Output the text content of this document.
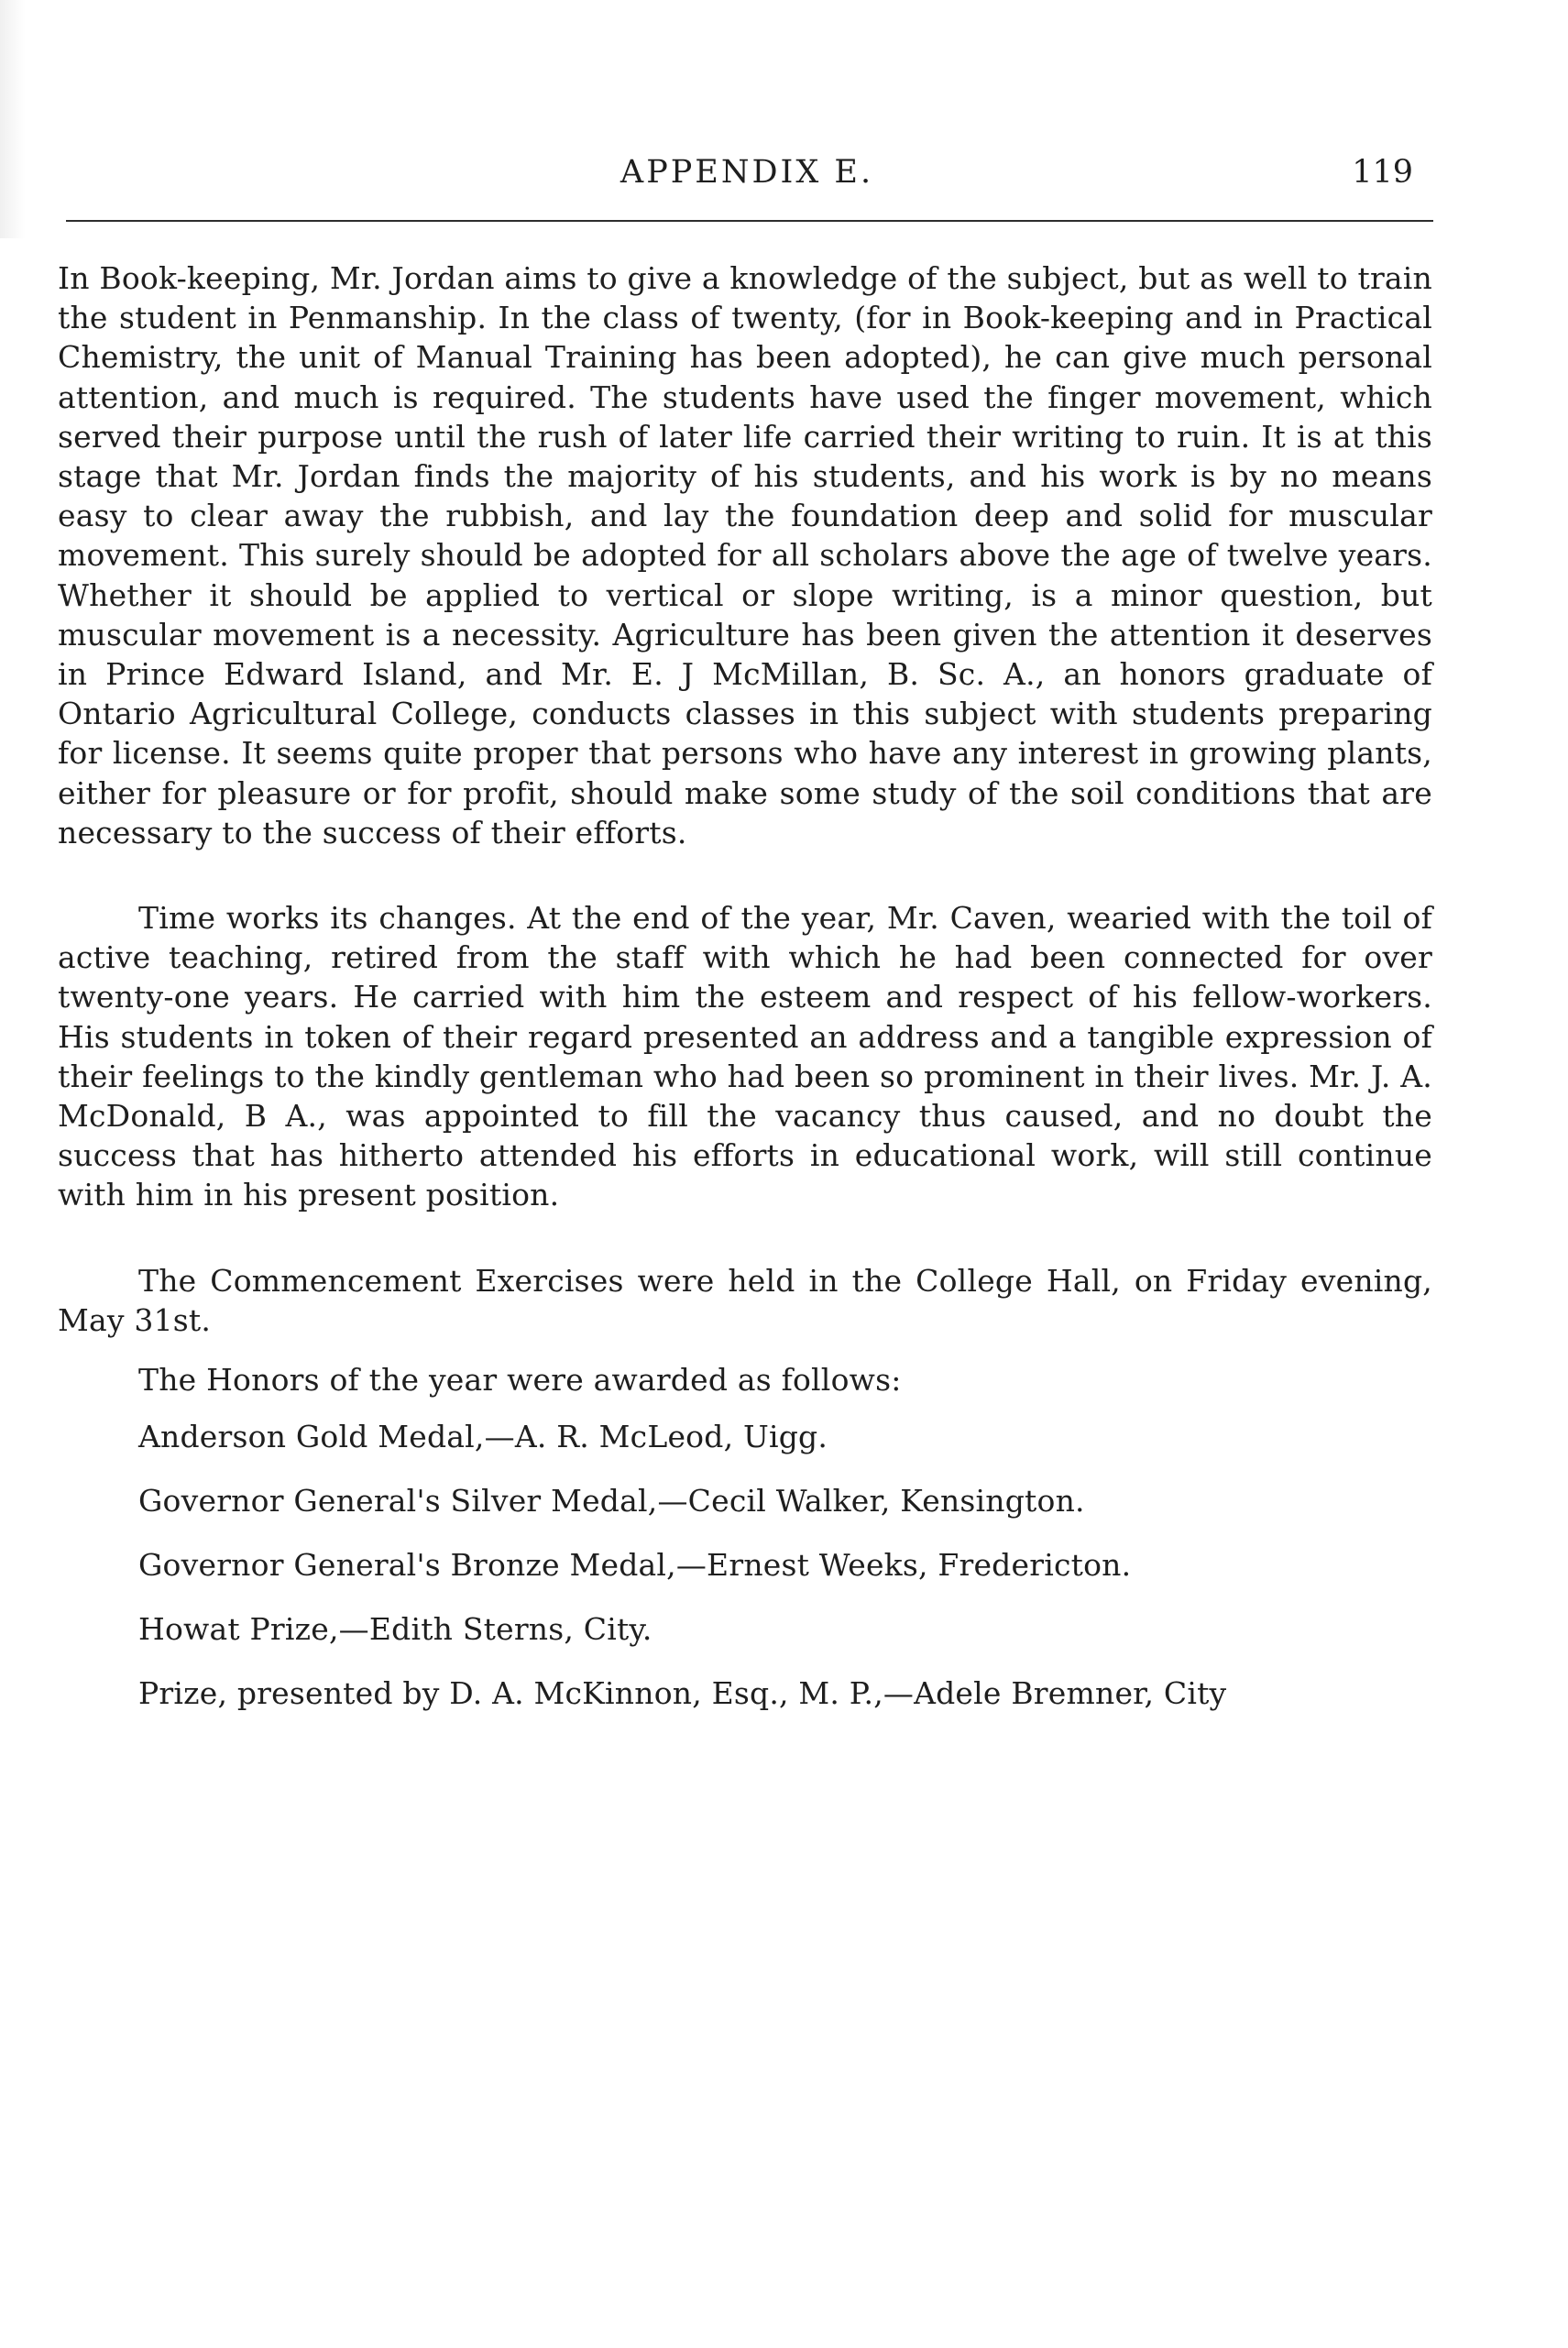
APPENDIX E.	119

In Book-keeping, Mr. Jordan aims to give a knowledge of the subject, but as well to train the student in Penmanship. In the class of twenty, (for in Book-keeping and in Practical Chemistry, the unit of Manual Training has been adopted), he can give much personal attention, and much is required. The students have used the finger movement, which served their purpose until the rush of later life carried their writing to ruin. It is at this stage that Mr. Jordan finds the majority of his students, and his work is by no means easy to clear away the rubbish, and lay the foundation deep and solid for muscular movement. This surely should be adopted for all scholars above the age of twelve years. Whether it should be applied to vertical or slope writing, is a minor question, but muscular movement is a necessity. Agriculture has been given the attention it deserves in Prince Edward Island, and Mr. E. J McMillan, B. Sc. A., an honors graduate of Ontario Agricultural College, conducts classes in this subject with students preparing for license. It seems quite proper that persons who have any interest in growing plants, either for pleasure or for profit, should make some study of the soil conditions that are necessary to the success of their efforts.

Time works its changes. At the end of the year, Mr. Caven, wearied with the toil of active teaching, retired from the staff with which he had been connected for over twenty-one years. He carried with him the esteem and respect of his fellow-workers. His students in token of their regard presented an address and a tangible expression of their feelings to the kindly gentleman who had been so prominent in their lives. Mr. J. A. McDonald, B A., was appointed to fill the vacancy thus caused, and no doubt the success that has hitherto attended his efforts in educational work, will still continue with him in his present position.

The Commencement Exercises were held in the College Hall, on Friday evening, May 31st.

The Honors of the year were awarded as follows:

Anderson Gold Medal,—A. R. McLeod, Uigg.
Governor General's Silver Medal,—Cecil Walker, Kensington.
Governor General's Bronze Medal,—Ernest Weeks, Fredericton.
Howat Prize,—Edith Sterns, City.
Prize, presented by D. A. McKinnon, Esq., M. P.,—Adele Bremner, City
